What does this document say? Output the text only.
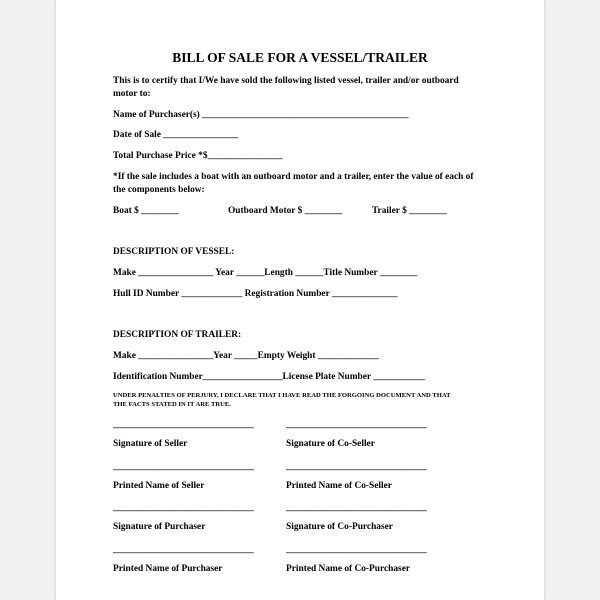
BILL OF SALE FOR A VESSEL/TRAILER
This is to certify that I/We have sold the following listed vessel, trailer and/or outboard
motor to:
Name of Purchaser(s) ____________________________________________
Date of Sale ________________
Total Purchase Price *$________________
*If the sale includes a boat with an outboard motor and a trailer, enter the value of each of
the components below:
Boat $ ________	Outboard Motor $ ________	Trailer $ ________
DESCRIPTION OF VESSEL:
Make ________________ Year ______Length ______Title Number ________
Hull ID Number _____________ Registration Number ______________
DESCRIPTION OF TRAILER:
Make ________________Year _____Empty Weight _____________
Identification Number_________________License Plate Number ___________
UNDER PENALTIES OF PERJURY, I DECLARE THAT I HAVE READ THE FORGOING DOCUMENT AND THAT
THE FACTS STATED IN IT ARE TRUE.
______________________________	______________________________
Signature of Seller	Signature of Co-Seller
______________________________	______________________________
Printed Name of Seller	Printed Name of Co-Seller
______________________________	______________________________
Signature of Purchaser	Signature of Co-Purchaser
______________________________	______________________________
Printed Name of Purchaser	Printed Name of Co-Purchaser
